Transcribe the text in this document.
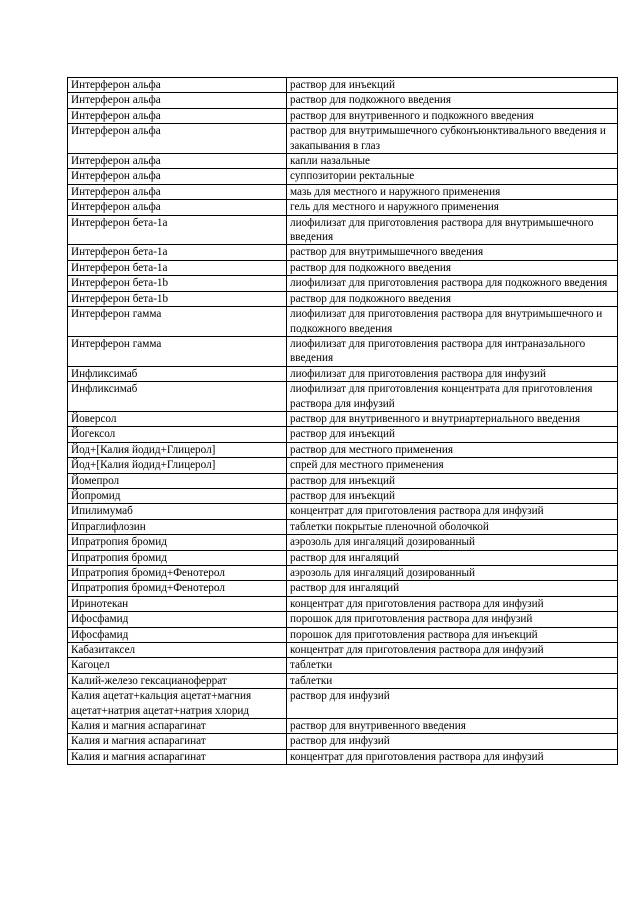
Интерферон альфа	раствор для инъекций
Интерферон альфа	раствор для подкожного введения
Интерферон альфа	раствор для внутривенного и подкожного введения
Интерферон альфа	раствор для внутримышечного субконъюнктивального введения и закапывания в глаз
Интерферон альфа	капли назальные
Интерферон альфа	суппозитории ректальные
Интерферон альфа	мазь для местного и наружного применения
Интерферон альфа	гель для местного и наружного применения
Интерферон бета-1а	лиофилизат для приготовления раствора для внутримышечного введения
Интерферон бета-1а	раствор для внутримышечного введения
Интерферон бета-1а	раствор для подкожного введения
Интерферон бета-1b	лиофилизат для приготовления раствора для подкожного введения
Интерферон бета-1b	раствор для подкожного введения
Интерферон гамма	лиофилизат для приготовления раствора для внутримышечного и подкожного введения
Интерферон гамма	лиофилизат для приготовления раствора для интраназального введения
Инфликсимаб	лиофилизат для приготовления раствора для инфузий
Инфликсимаб	лиофилизат для приготовления концентрата для приготовления раствора для инфузий
Йоверсол	раствор для внутривенного и внутриартериального введения
Йогексол	раствор для инъекций
Йод+[Калия йодид+Глицерол]	раствор для местного применения
Йод+[Калия йодид+Глицерол]	спрей для местного применения
Йомепрол	раствор для инъекций
Йопромид	раствор для инъекций
Ипилимумаб	концентрат для приготовления раствора для инфузий
Ипраглифлозин	таблетки покрытые пленочной оболочкой
Ипратропия бромид	аэрозоль для ингаляций дозированный
Ипратропия бромид	раствор для ингаляций
Ипратропия бромид+Фенотерол	аэрозоль для ингаляций дозированный
Ипратропия бромид+Фенотерол	раствор для ингаляций
Иринотекан	концентрат для приготовления раствора для инфузий
Ифосфамид	порошок для приготовления раствора для инфузий
Ифосфамид	порошок для приготовления раствора для инъекций
Кабазитаксел	концентрат для приготовления раствора для инфузий
Кагоцел	таблетки
Калий-железо гексацианоферрат	таблетки
Калия ацетат+кальция ацетат+магния ацетат+натрия ацетат+натрия хлорид	раствор для инфузий
Калия и магния аспарагинат	раствор для внутривенного введения
Калия и магния аспарагинат	раствор для инфузий
Калия и магния аспарагинат	концентрат для приготовления раствора для инфузий
